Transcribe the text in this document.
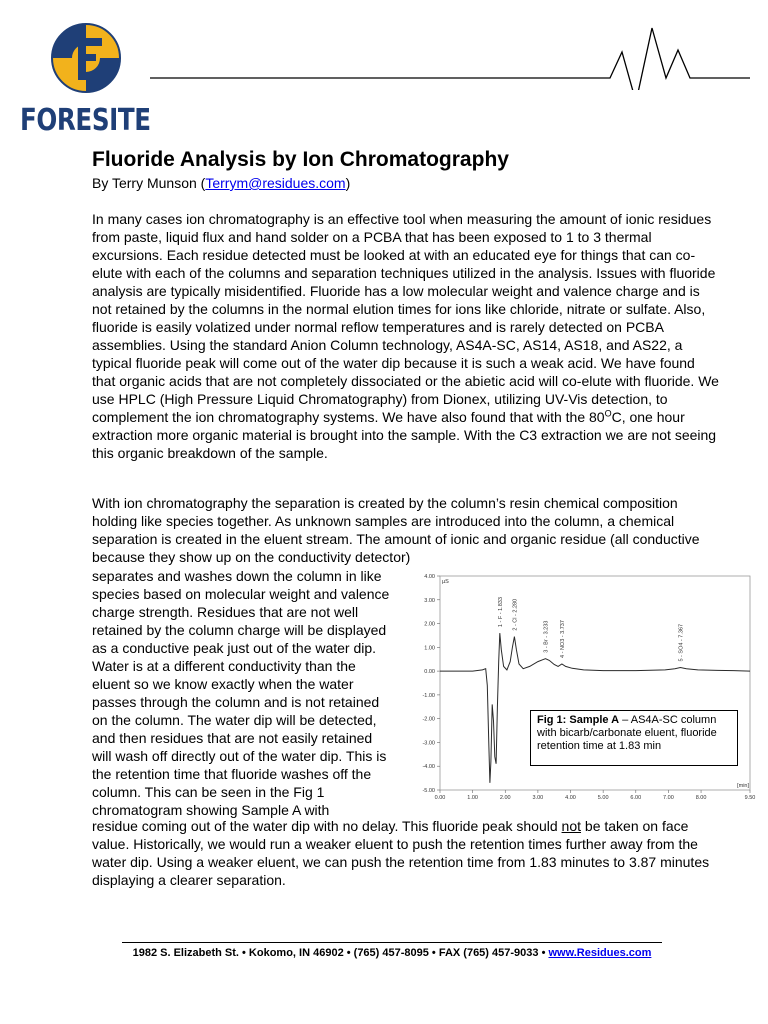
FORESITE
Fluoride Analysis by Ion Chromatography
By Terry Munson (Terrym@residues.com)

In many cases ion chromatography is an effective tool when measuring the amount of ionic residues from paste, liquid flux and hand solder on a PCBA that has been exposed to 1 to 3 thermal excursions. Each residue detected must be looked at with an educated eye for things that can co-elute with each of the columns and separation techniques utilized in the analysis. Issues with fluoride analysis are typically misidentified. Fluoride has a low molecular weight and valence charge and is not retained by the columns in the normal elution times for ions like chloride, nitrate or sulfate. Also, fluoride is easily volatized under normal reflow temperatures and is rarely detected on PCBA assemblies. Using the standard Anion Column technology, AS4A-SC, AS14, AS18, and AS22, a typical fluoride peak will come out of the water dip because it is such a weak acid. We have found that organic acids that are not completely dissociated or the abietic acid will co-elute with fluoride. We use HPLC (High Pressure Liquid Chromatography) from Dionex, utilizing UV-Vis detection, to complement the ion chromatography systems. We have also found that with the $80^OC$, one hour extraction more organic material is brought into the sample. With the C3 extraction we are not seeing this organic breakdown of the sample.

With ion chromatography the separation is created by the column’s resin chemical composition holding like species together. As unknown samples are introduced into the column, a chemical separation is created in the eluent stream. The amount of ionic and organic residue (all conductive because they show up on the conductivity detector)

separates and washes down the column in like species based on molecular weight and valence charge strength. Residues that are not well retained by the column charge will be displayed as a conductive peak just out of the water dip. Water is at a different conductivity than the eluent so we know exactly when the water passes through the column and is not retained on the column. The water dip will be detected, and then residues that are not easily retained will wash off directly out of the water dip. This is the retention time that fluoride washes off the column. This can be seen in the Fig 1 chromatogram showing Sample A with

4.00
3.00
2.00
1.00
0.00
-1.00
-2.00
-3.00
-4.00
-5.00
0.00	1.00	2.00	3.00	4.00	5.00	6.00	7.00	8.00	9.50
µS
[min]
1 - F - 1.833 2 - Cl - 2.280
3 - Br - 3.233 4 - NO3 - 3.737	5 - SO4 - 7.367
Fig 1: Sample A – AS4A-SC column with bicarb/carbonate eluent, fluoride retention time at 1.83 min

residue coming out of the water dip with no delay. This fluoride peak should not be taken on face value. Historically, we would run a weaker eluent to push the retention times further away from the water dip. Using a weaker eluent, we can push the retention time from 1.83 minutes to 3.87 minutes displaying a clearer separation.

1982 S. Elizabeth St. • Kokomo, IN 46902 • (765) 457-8095 • FAX (765) 457-9033 • www.Residues.com
